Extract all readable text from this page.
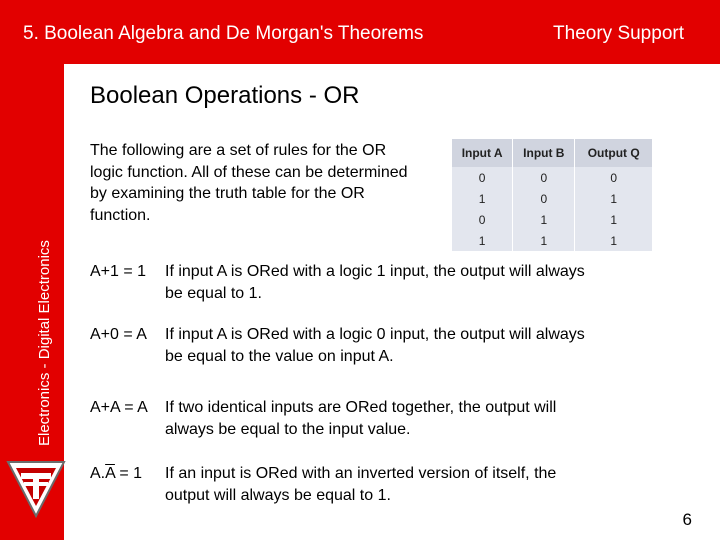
5. Boolean Algebra and De Morgan's Theorems	Theory Support
Electronics - Digital Electronics
Boolean Operations - OR
The following are a set of rules for the OR logic function. All of these can be determined by examining the truth table for the OR function.
Input A	Input B	Output Q
0	0	0
1	0	1
0	1	1
1	1	1
A+1 = 1 If input A is ORed with a logic 1 input, the output will always be equal to 1.
A+0 = A If input A is ORed with a logic 0 input, the output will always be equal to the value on input A.
A+A = A If two identical inputs are ORed together, the output will always be equal to the input value.
$A.\overline{A} = 1$ If an input is ORed with an inverted version of itself, the output will always be equal to 1.
6
